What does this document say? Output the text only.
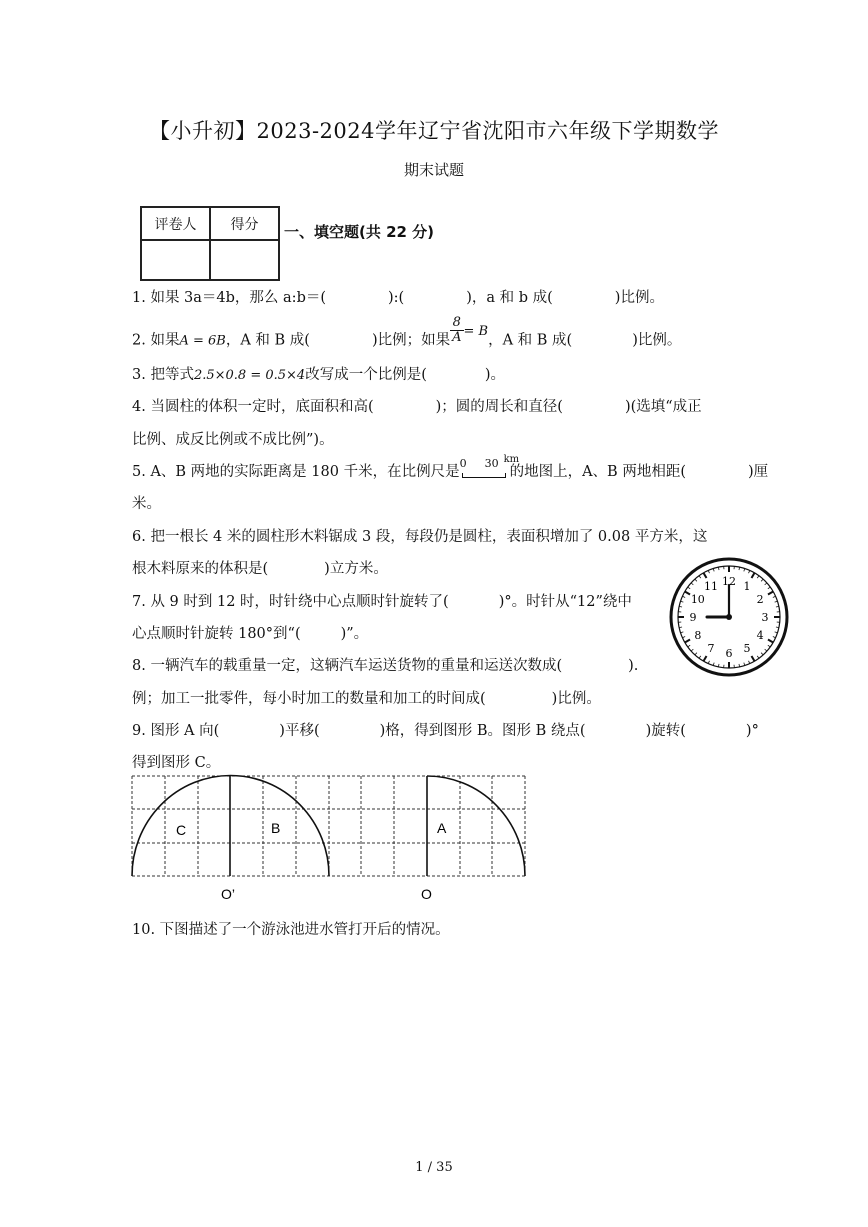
【小升初】2023-2024学年辽宁省沈阳市六年级下学期数学
期末试题
评卷人	得分
	一、填空题(共 22 分)
1. 如果 3a＝4b，那么 a:b＝(	):(	)，a 和 b 成(	)比例。
2. 如果A = 6B，A 和 B 成(	)比例；如果 $\frac{8}{A} = B$，A 和 B 成(	)比例。
3. 把等式2.5×0.8 = 0.5×4改写成一个比例是(	)。
4. 当圆柱的体积一定时，底面积和高(	)；圆的周长和直径(	)(选填“成正
比例、成反比例或不成比例”)。
5. A、B 两地的实际距离是 180 千米，在比例尺是
0 30 km
的地图上，A、B 两地相距(	)厘
米。
6. 把一根长 4 米的圆柱形木料锯成 3 段，每段仍是圆柱，表面积增加了 0.08 平方米，这
根木料原来的体积是(	)立方米。
7. 从 9 时到 12 时，时针绕中心点顺时针旋转了(	)°。时针从“12”绕中
心点顺时针旋转 180°到“(	)”。
12 1
2
3
4
5
6
7
8
9
10
11
8. 一辆汽车的载重量一定，这辆汽车运送货物的重量和运送次数成(	).
例；加工一批零件，每小时加工的数量和加工的时间成(	)比例。
9. 图形 A 向(	)平移(	)格，得到图形 B。图形 B 绕点(	)旋转(	)°
得到图形 C。
C	B	A
O’	O
10. 下图描述了一个游泳池进水管打开后的情况。
1 / 35
